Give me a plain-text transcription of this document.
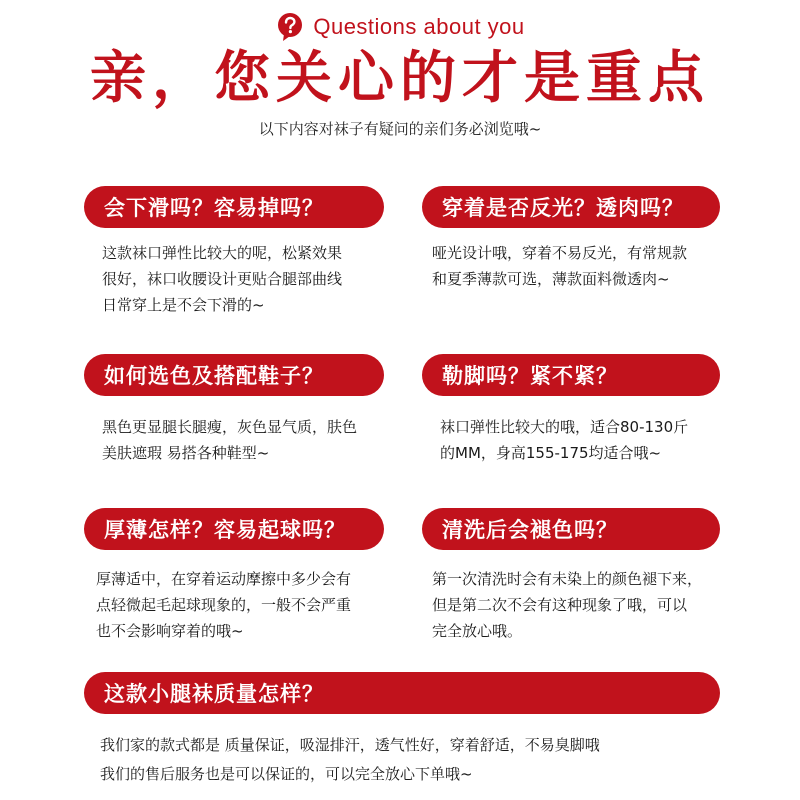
Questions about you
亲，您关心的才是重点
以下内容对袜子有疑问的亲们务必浏览哦~
会下滑吗？容易掉吗？
这款袜口弹性比较大的呢，松紧效果
很好，袜口收腰设计更贴合腿部曲线
日常穿上是不会下滑的~
穿着是否反光？透肉吗？
哑光设计哦，穿着不易反光，有常规款
和夏季薄款可选，薄款面料微透肉~
如何选色及搭配鞋子？
黑色更显腿长腿瘦，灰色显气质，肤色
美肤遮瑕 易搭各种鞋型~
勒脚吗？紧不紧？
袜口弹性比较大的哦，适合80-130斤
的MM，身高155-175均适合哦~
厚薄怎样？容易起球吗？
厚薄适中，在穿着运动摩擦中多少会有
点轻微起毛起球现象的，一般不会严重
也不会影响穿着的哦~
清洗后会褪色吗？
第一次清洗时会有未染上的颜色褪下来，
但是第二次不会有这种现象了哦，可以
完全放心哦。
这款小腿袜质量怎样？
我们家的款式都是 质量保证，吸湿排汗，透气性好，穿着舒适，不易臭脚哦
我们的售后服务也是可以保证的，可以完全放心下单哦~
